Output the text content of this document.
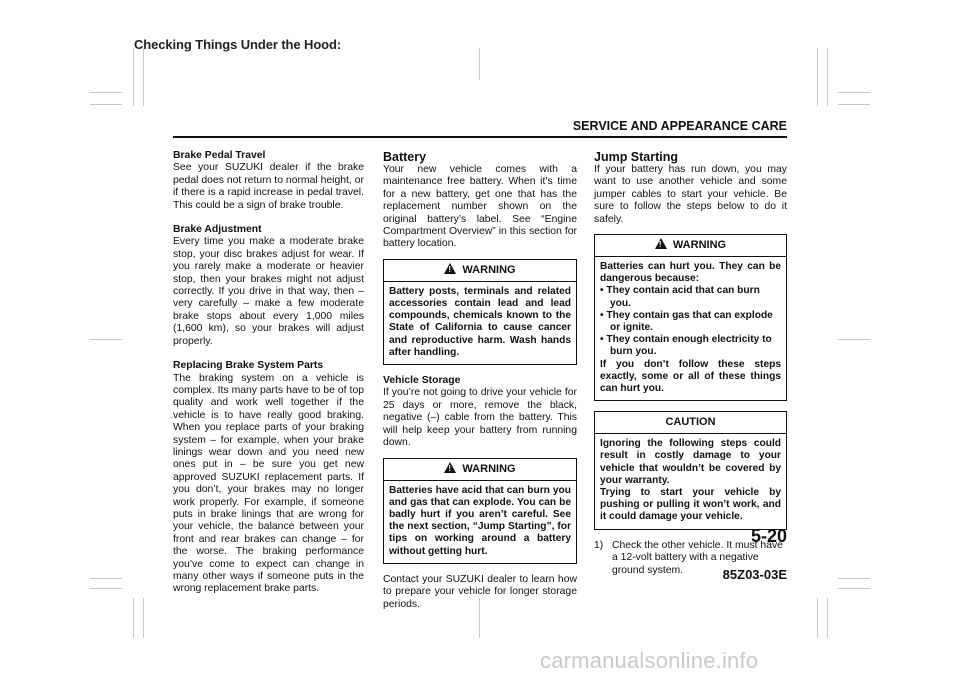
Checking Things Under the Hood:
SERVICE AND APPEARANCE CARE

Brake Pedal Travel
See your SUZUKI dealer if the brake pedal does not return to normal height, or if there is a rapid increase in pedal travel. This could be a sign of brake trouble.

Brake Adjustment
Every time you make a moderate brake stop, your disc brakes adjust for wear. If you rarely make a moderate or heavier stop, then your brakes might not adjust correctly. If you drive in that way, then – very carefully – make a few moderate brake stops about every 1,000 miles (1,600 km), so your brakes will adjust properly.

Replacing Brake System Parts
The braking system on a vehicle is complex. Its many parts have to be of top quality and work well together if the vehicle is to have really good braking. When you replace parts of your braking system – for example, when your brake linings wear down and you need new ones put in – be sure you get new approved SUZUKI replacement parts. If you don’t, your brakes may no longer work properly. For example, if someone puts in brake linings that are wrong for your vehicle, the balance between your front and rear brakes can change – for the worse. The braking performance you’ve come to expect can change in many other ways if someone puts in the wrong replacement brake parts.

Battery
Your new vehicle comes with a maintenance free battery. When it’s time for a new battery, get one that has the replacement number shown on the original battery’s label. See “Engine Compartment Overview” in this section for battery location.

!WARNING
Battery posts, terminals and related accessories contain lead and lead compounds, chemicals known to the State of California to cause cancer and reproductive harm. Wash hands after handling.

Vehicle Storage
If you’re not going to drive your vehicle for 25 days or more, remove the black, negative (–) cable from the battery. This will help keep your battery from running down.

!WARNING
Batteries have acid that can burn you and gas that can explode. You can be badly hurt if you aren’t careful. See the next section, “Jump Starting”, for tips on working around a battery without getting hurt.

Contact your SUZUKI dealer to learn how to prepare your vehicle for longer storage periods.

Jump Starting
If your battery has run down, you may want to use another vehicle and some jumper cables to start your vehicle. Be sure to follow the steps below to do it safely.

!WARNING
Batteries can hurt you. They can be dangerous because:
• They contain acid that can burn you.
• They contain gas that can explode or ignite.
• They contain enough electricity to burn you.
If you don’t follow these steps exactly, some or all of these things can hurt you.
CAUTION
Ignoring the following steps could result in costly damage to your vehicle that wouldn’t be covered by your warranty.
Trying to start your vehicle by pushing or pulling it won’t work, and it could damage your vehicle.
1) Check the other vehicle. It must have a 12-volt battery with a negative ground system.
5-20
85Z03-03E
carmanualsonline.info
